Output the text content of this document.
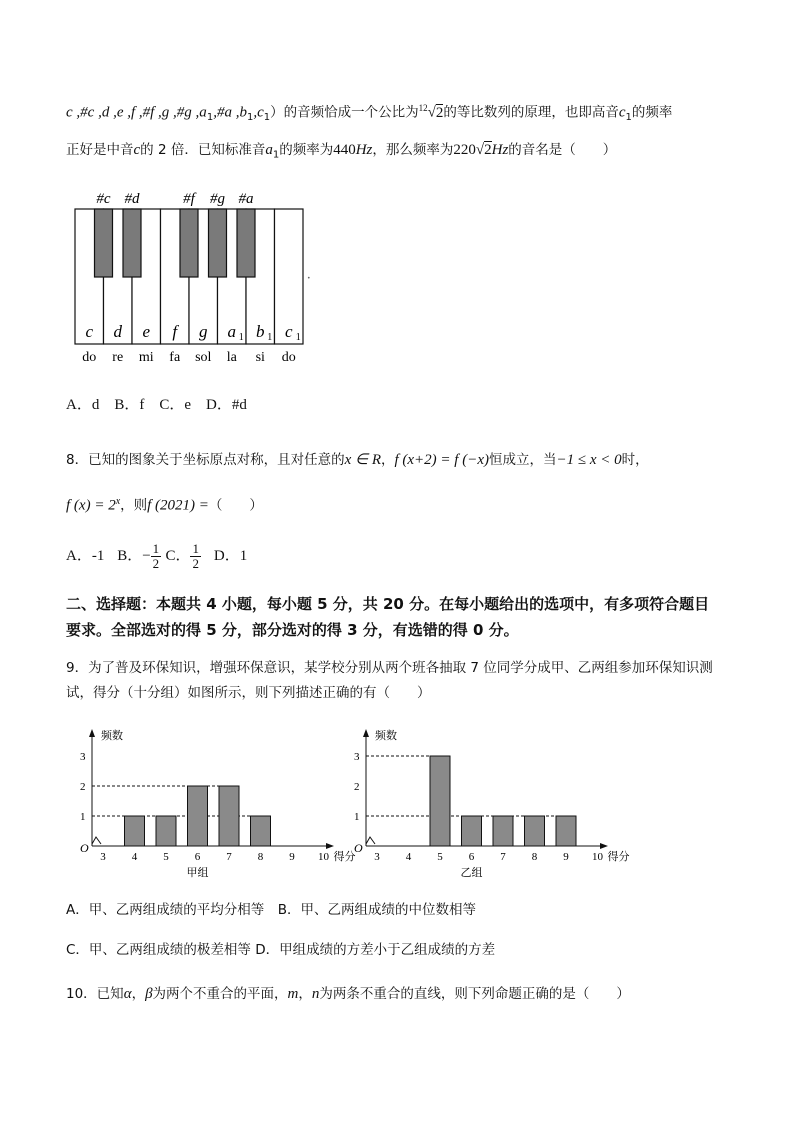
c ,#c ,d ,e ,f ,#f ,g ,#g $,a_1,\#a$ $,b_1,c_1$）的音频恰成一个公比为$^{12}$√2的等比数列的原理，也即高音$c_1$的频率
正好是中音c的 2 倍．已知标准音$a_1$的频率为440Hz，那么频率为220√2Hz的音名是（　　）
c
do
d
re
e
mi
f
fa
g
sol
a 1
la
b 1
si
c 1
do
#c #d	#f #g #a
•
A．d　B．f　C．e　D．#d
8．已知的图象关于坐标原点对称，且对任意的x ∈ R，f (x+2) = f (−x)恒成立，当−1 ≤ x < 0时，
f $(x) = 2^x$，则f (2021) =（　　）
A．-1 B．− $\frac{1}{2}$ C． $\frac{1}{2}$ D．1
二、选择题：本题共 4 小题，每小题 5 分，共 20 分。在每小题给出的选项中，有多项符合题目
要求。全部选对的得 5 分，部分选对的得 3 分，有选错的得 0 分。
9．为了普及环保知识，增强环保意识，某学校分别从两个班各抽取 7 位同学分成甲、乙两组参加环保知识测
试，得分（十分组）如图所示，则下列描述正确的有（　　）
O
频数
1
2
3
3 4 5 6 7 8 9 10 得分
甲组
O
频数
1
2
3
3 4 5 6 7 8 9 10 得分
乙组
A．甲、乙两组成绩的平均分相等　B．甲、乙两组成绩的中位数相等
C．甲、乙两组成绩的极差相等 D．甲组成绩的方差小于乙组成绩的方差
10．已知α，β为两个不重合的平面，m，n为两条不重合的直线，则下列命题正确的是（　　）
